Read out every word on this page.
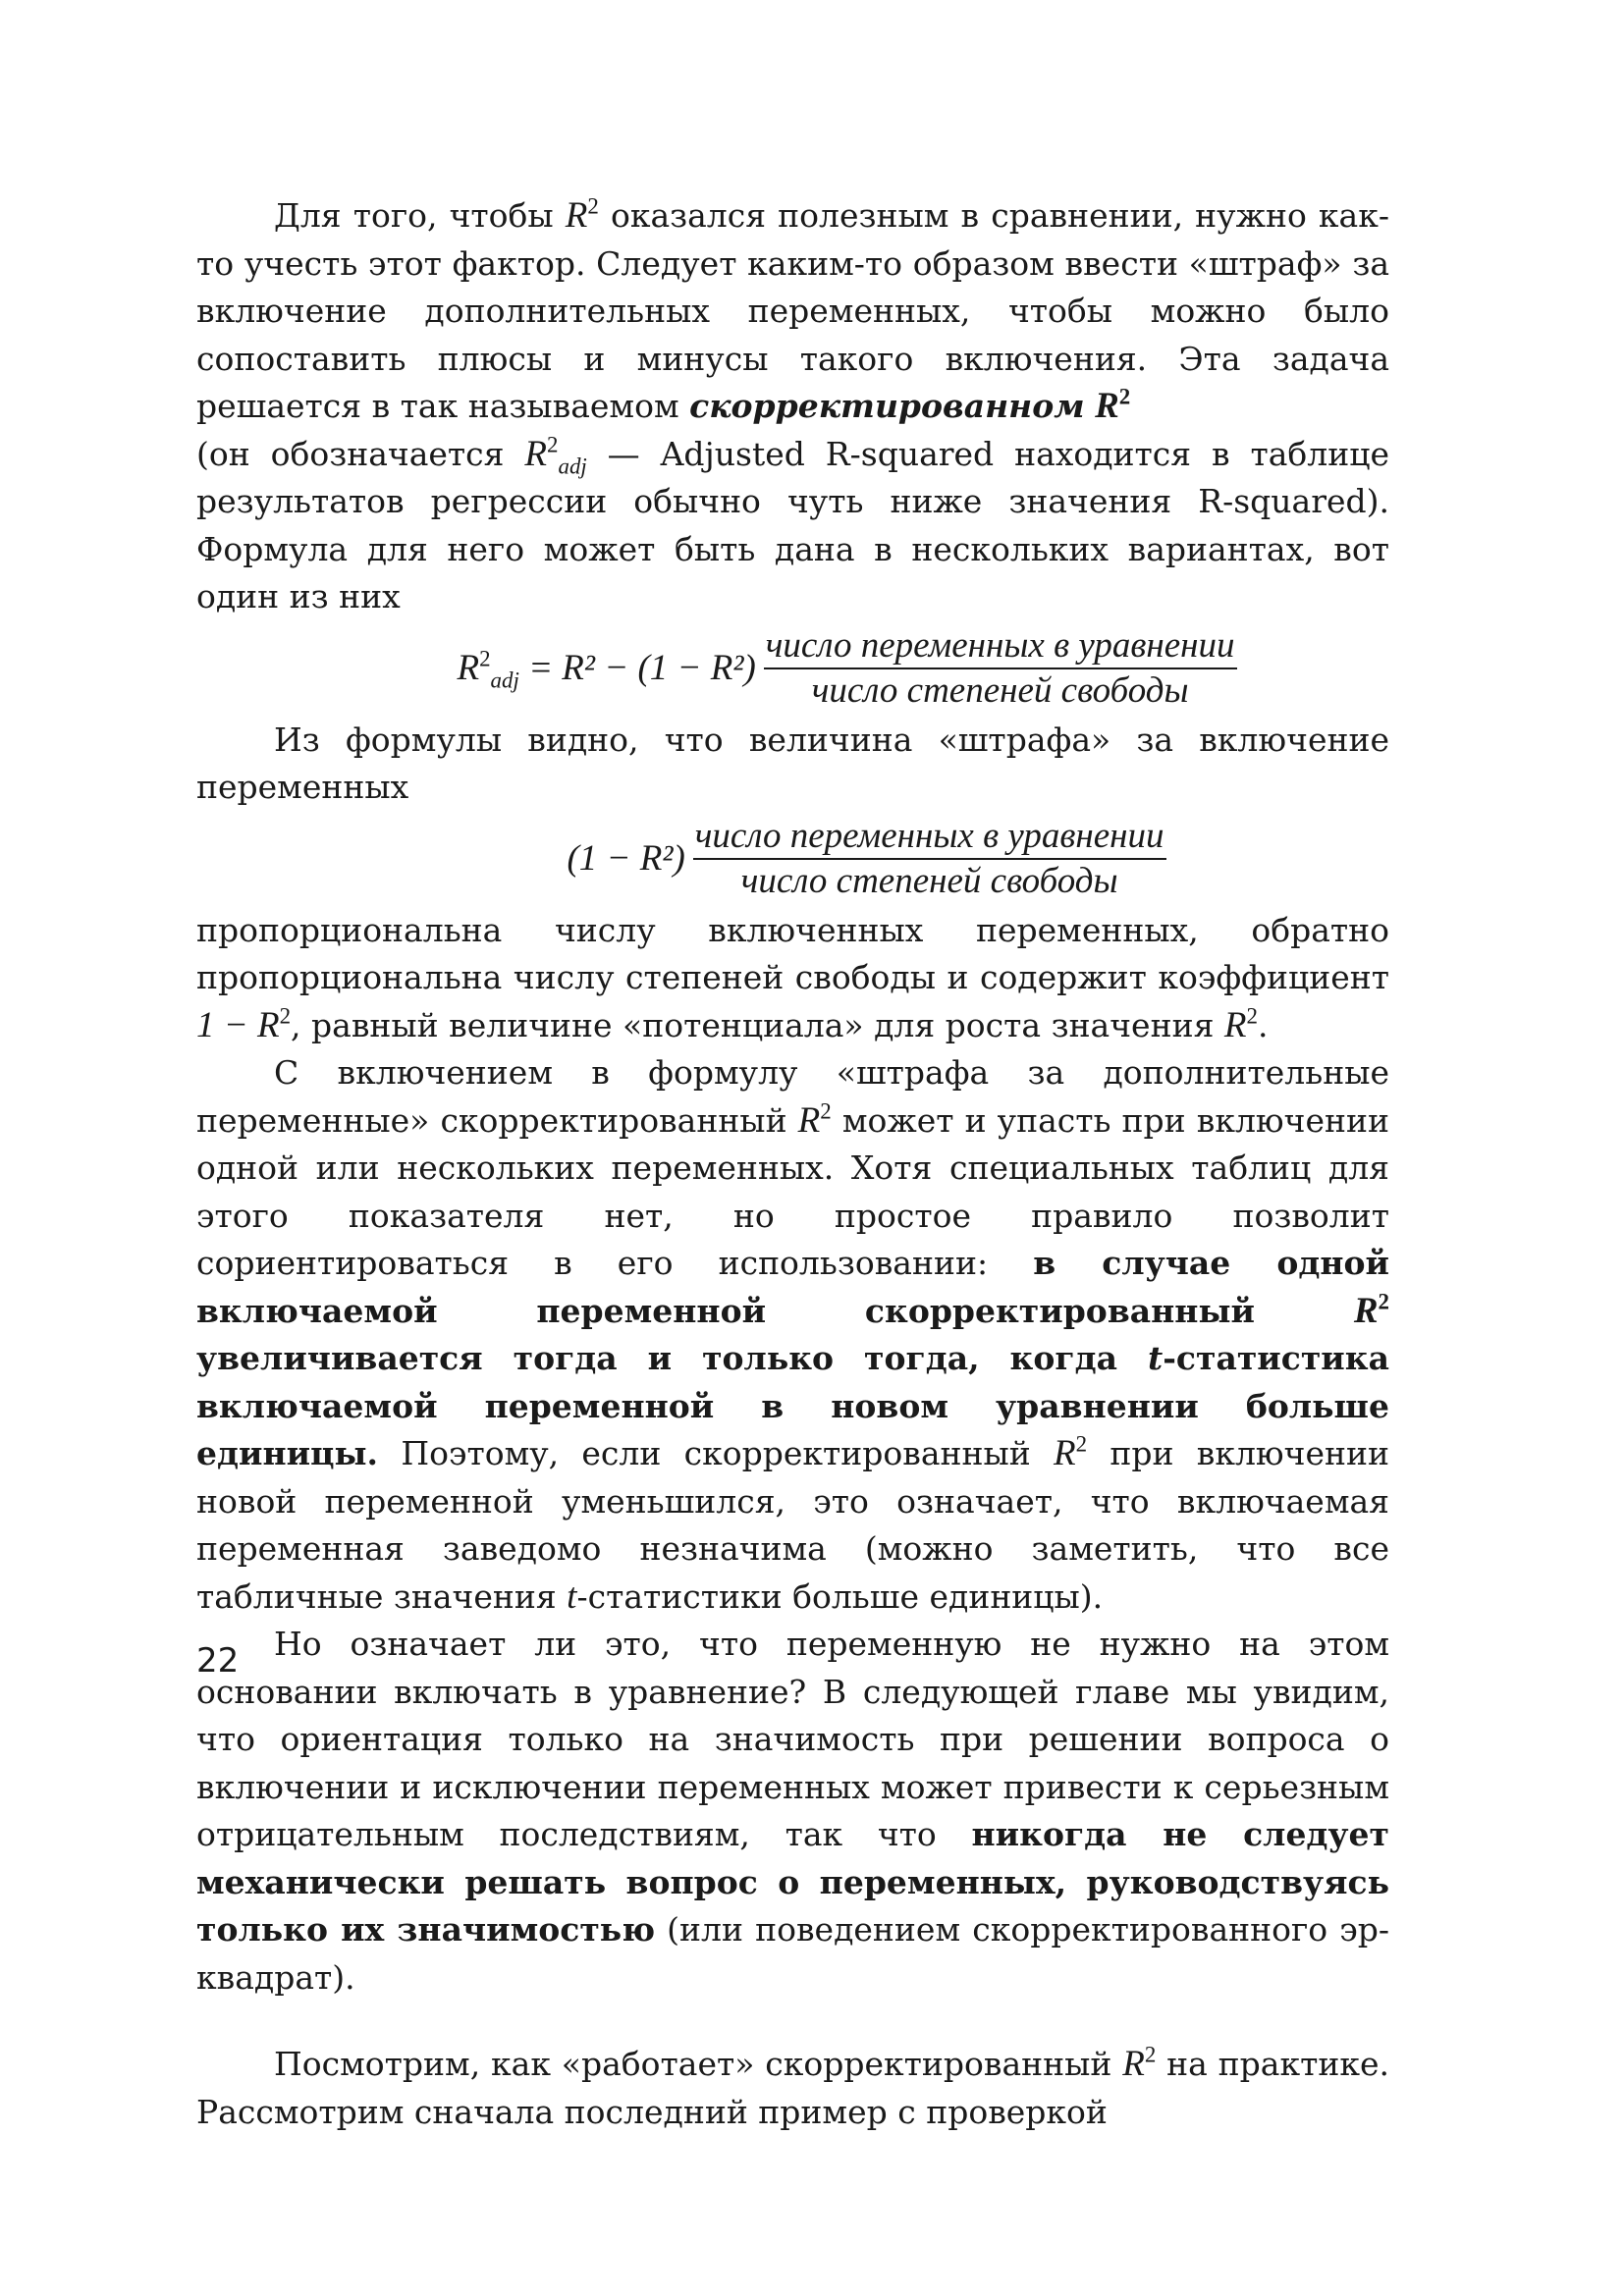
Для того, чтобы $R^2$ оказался полезным в сравнении, нужно как-то учесть этот фактор. Следует каким-то образом ввести «штраф» за включение дополнительных переменных, чтобы можно было сопоставить плюсы и минусы такого включения. Эта задача решается в так называемом скорректированном $R^2$
(он обозначается $R^2_{adj}$ — Adjusted R-squared находится в таблице результатов регрессии обычно чуть ниже значения R-squared). Формула для него может быть дана в нескольких вариантах, вот один из них

$R^2_{adj} = R^2 - (1 - R^2) \frac{\text{число переменных в уравнении}}{\text{число степеней свободы}}$

Из формулы видно, что величина «штрафа» за включение переменных

$(1 - R^2) \frac{\text{число переменных в уравнении}}{\text{число степеней свободы}}$

пропорциональна числу включенных переменных, обратно пропорциональна числу степеней свободы и содержит коэффициент $1 - R^2$, равный величине «потенциала» для роста значения $R^2$.

С включением в формулу «штрафа за дополнительные переменные» скорректированный $R^2$ может и упасть при включении одной или нескольких переменных. Хотя специальных таблиц для этого показателя нет, но простое правило позволит сориентироваться в его использовании: в случае одной включаемой переменной скорректированный $R^2$ увеличивается тогда и только тогда, когда t-статистика включаемой переменной в новом уравнении больше единицы. Поэтому, если скорректированный $R^2$ при включении новой переменной уменьшился, это означает, что включаемая переменная заведомо незначима (можно заметить, что все табличные значения t-статистики больше единицы).

Но означает ли это, что переменную не нужно на этом основании включать в уравнение? В следующей главе мы увидим, что ориентация только на значимость при решении вопроса о включении и исключении переменных может привести к серьезным отрицательным последствиям, так что никогда не следует механически решать вопрос о переменных, руководствуясь только их значимостью (или поведением скорректированного эр-квадрат).

Посмотрим, как «работает» скорректированный $R^2$ на практике. Рассмотрим сначала последний пример с проверкой

22
